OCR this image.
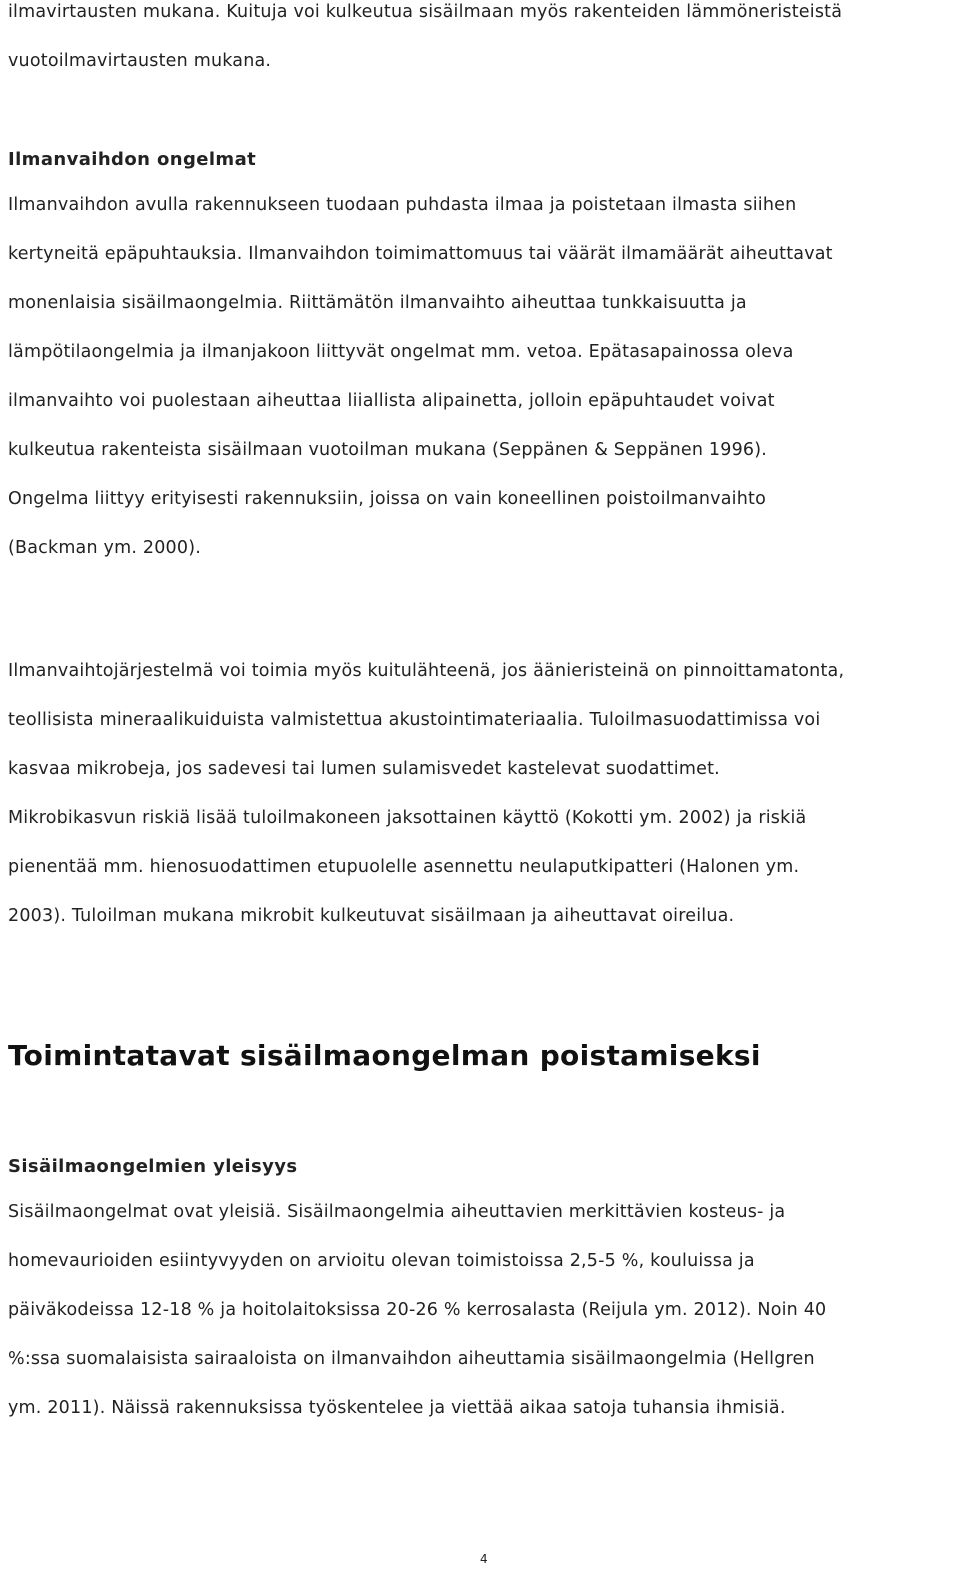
ilmavirtausten mukana. Kuituja voi kulkeutua sisäilmaan myös rakenteiden lämmöneristeistä
vuotoilmavirtausten mukana.

Ilmanvaihdon ongelmat

Ilmanvaihdon avulla rakennukseen tuodaan puhdasta ilmaa ja poistetaan ilmasta siihen
kertyneitä epäpuhtauksia. Ilmanvaihdon toimimattomuus tai väärät ilmamäärät aiheuttavat
monenlaisia sisäilmaongelmia. Riittämätön ilmanvaihto aiheuttaa tunkkaisuutta ja
lämpötilaongelmia ja ilmanjakoon liittyvät ongelmat mm. vetoa. Epätasapainossa oleva
ilmanvaihto voi puolestaan aiheuttaa liiallista alipainetta, jolloin epäpuhtaudet voivat
kulkeutua rakenteista sisäilmaan vuotoilman mukana (Seppänen & Seppänen 1996).
Ongelma liittyy erityisesti rakennuksiin, joissa on vain koneellinen poistoilmanvaihto
(Backman ym. 2000).

Ilmanvaihtojärjestelmä voi toimia myös kuitulähteenä, jos äänieristeinä on pinnoittamatonta,
teollisista mineraalikuiduista valmistettua akustointimateriaalia. Tuloilmasuodattimissa voi
kasvaa mikrobeja, jos sadevesi tai lumen sulamisvedet kastelevat suodattimet.
Mikrobikasvun riskiä lisää tuloilmakoneen jaksottainen käyttö (Kokotti ym. 2002) ja riskiä
pienentää mm. hienosuodattimen etupuolelle asennettu neulaputkipatteri (Halonen ym.
2003). Tuloilman mukana mikrobit kulkeutuvat sisäilmaan ja aiheuttavat oireilua.

Toimintatavat sisäilmaongelman poistamiseksi
Sisäilmaongelmien yleisyys

Sisäilmaongelmat ovat yleisiä. Sisäilmaongelmia aiheuttavien merkittävien kosteus- ja
homevaurioiden esiintyvyyden on arvioitu olevan toimistoissa 2,5-5 %, kouluissa ja
päiväkodeissa 12-18 % ja hoitolaitoksissa 20-26 % kerrosalasta (Reijula ym. 2012). Noin 40
%:ssa suomalaisista sairaaloista on ilmanvaihdon aiheuttamia sisäilmaongelmia (Hellgren
ym. 2011). Näissä rakennuksissa työskentelee ja viettää aikaa satoja tuhansia ihmisiä.

4
